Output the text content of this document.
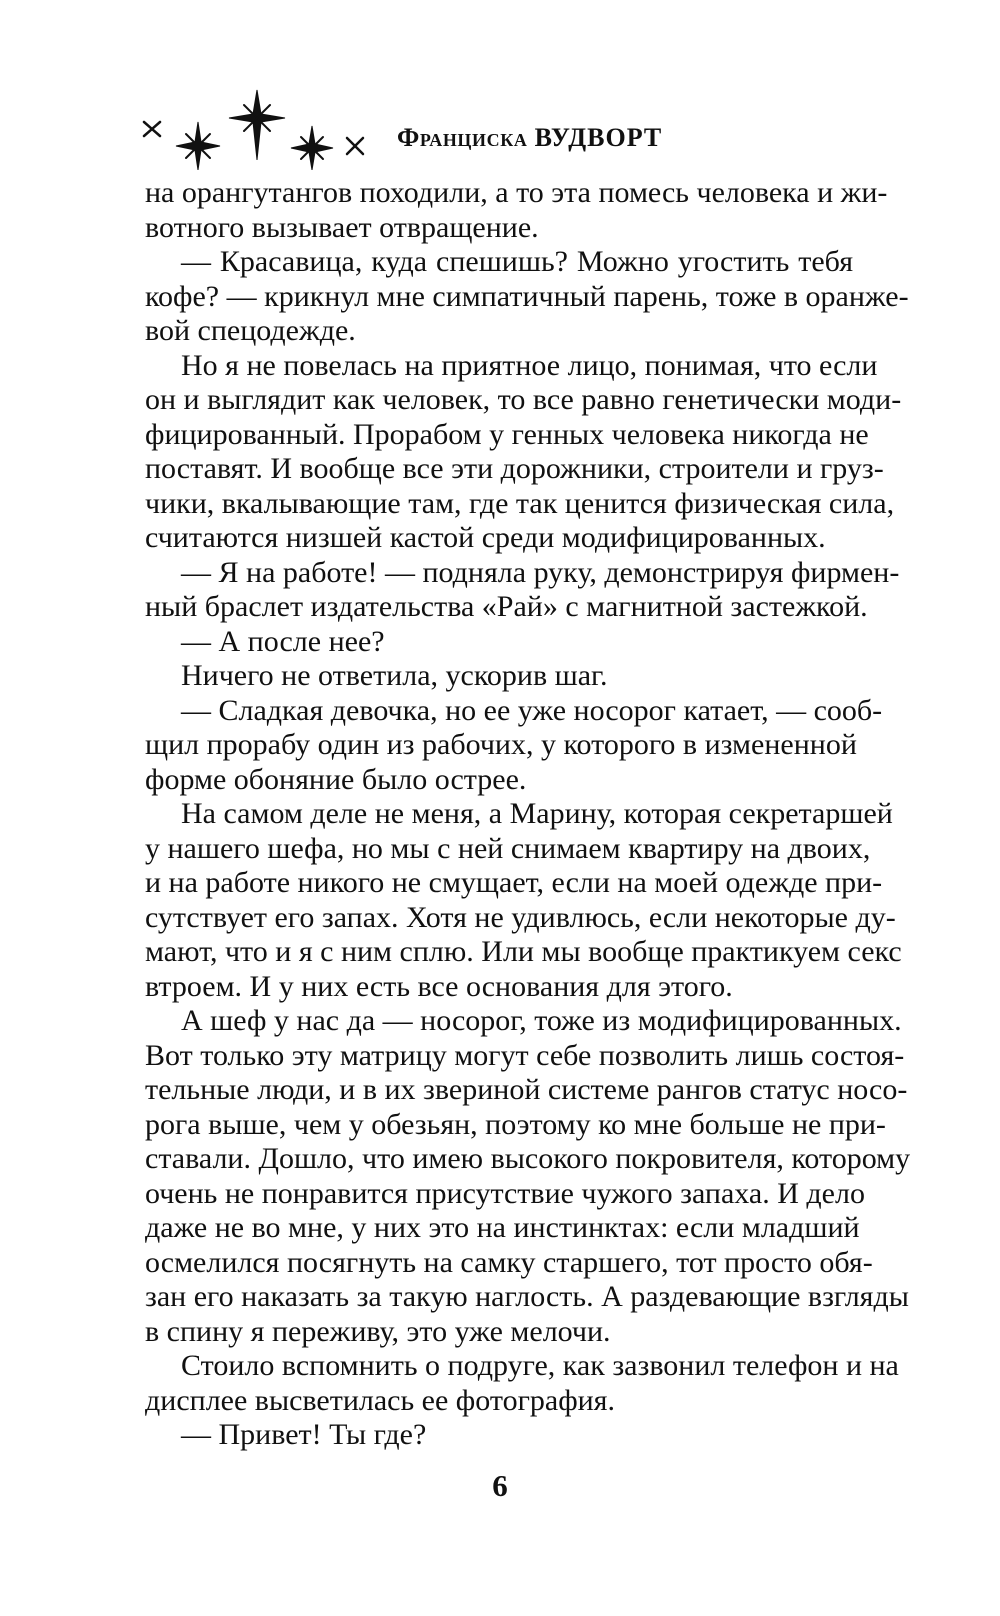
Франциска ВУДВОРТ
на орангутангов походили, а то эта помесь человека и жи-
вотного вызывает отвращение.
— Красавица, куда спешишь? Можно угостить тебя
кофе? — крикнул мне симпатичный парень, тоже в оранже-
вой спецодежде.
Но я не повелась на приятное лицо, понимая, что если
он и выглядит как человек, то все равно генетически моди-
фицированный. Прорабом у генных человека никогда не
поставят. И вообще все эти дорожники, строители и груз-
чики, вкалывающие там, где так ценится физическая сила,
считаются низшей кастой среди модифицированных.
— Я на работе! — подняла руку, демонстрируя фирмен-
ный браслет издательства «Рай» с магнитной застежкой.
— А после нее?
Ничего не ответила, ускорив шаг.
— Сладкая девочка, но ее уже носорог катает, — сооб-
щил прорабу один из рабочих, у которого в измененной
форме обоняние было острее.
На самом деле не меня, а Марину, которая секретаршей
у нашего шефа, но мы с ней снимаем квартиру на двоих,
и на работе никого не смущает, если на моей одежде при-
сутствует его запах. Хотя не удивлюсь, если некоторые ду-
мают, что и я с ним сплю. Или мы вообще практикуем секс
втроем. И у них есть все основания для этого.
А шеф у нас да — носорог, тоже из модифицированных.
Вот только эту матрицу могут себе позволить лишь состоя-
тельные люди, и в их звериной системе рангов статус носо-
рога выше, чем у обезьян, поэтому ко мне больше не при-
ставали. Дошло, что имею высокого покровителя, которому
очень не понравится присутствие чужого запаха. И дело
даже не во мне, у них это на инстинктах: если младший
осмелился посягнуть на самку старшего, тот просто обя-
зан его наказать за такую наглость. А раздевающие взгляды
в спину я переживу, это уже мелочи.
Стоило вспомнить о подруге, как зазвонил телефон и на
дисплее высветилась ее фотография.
— Привет! Ты где?
6
